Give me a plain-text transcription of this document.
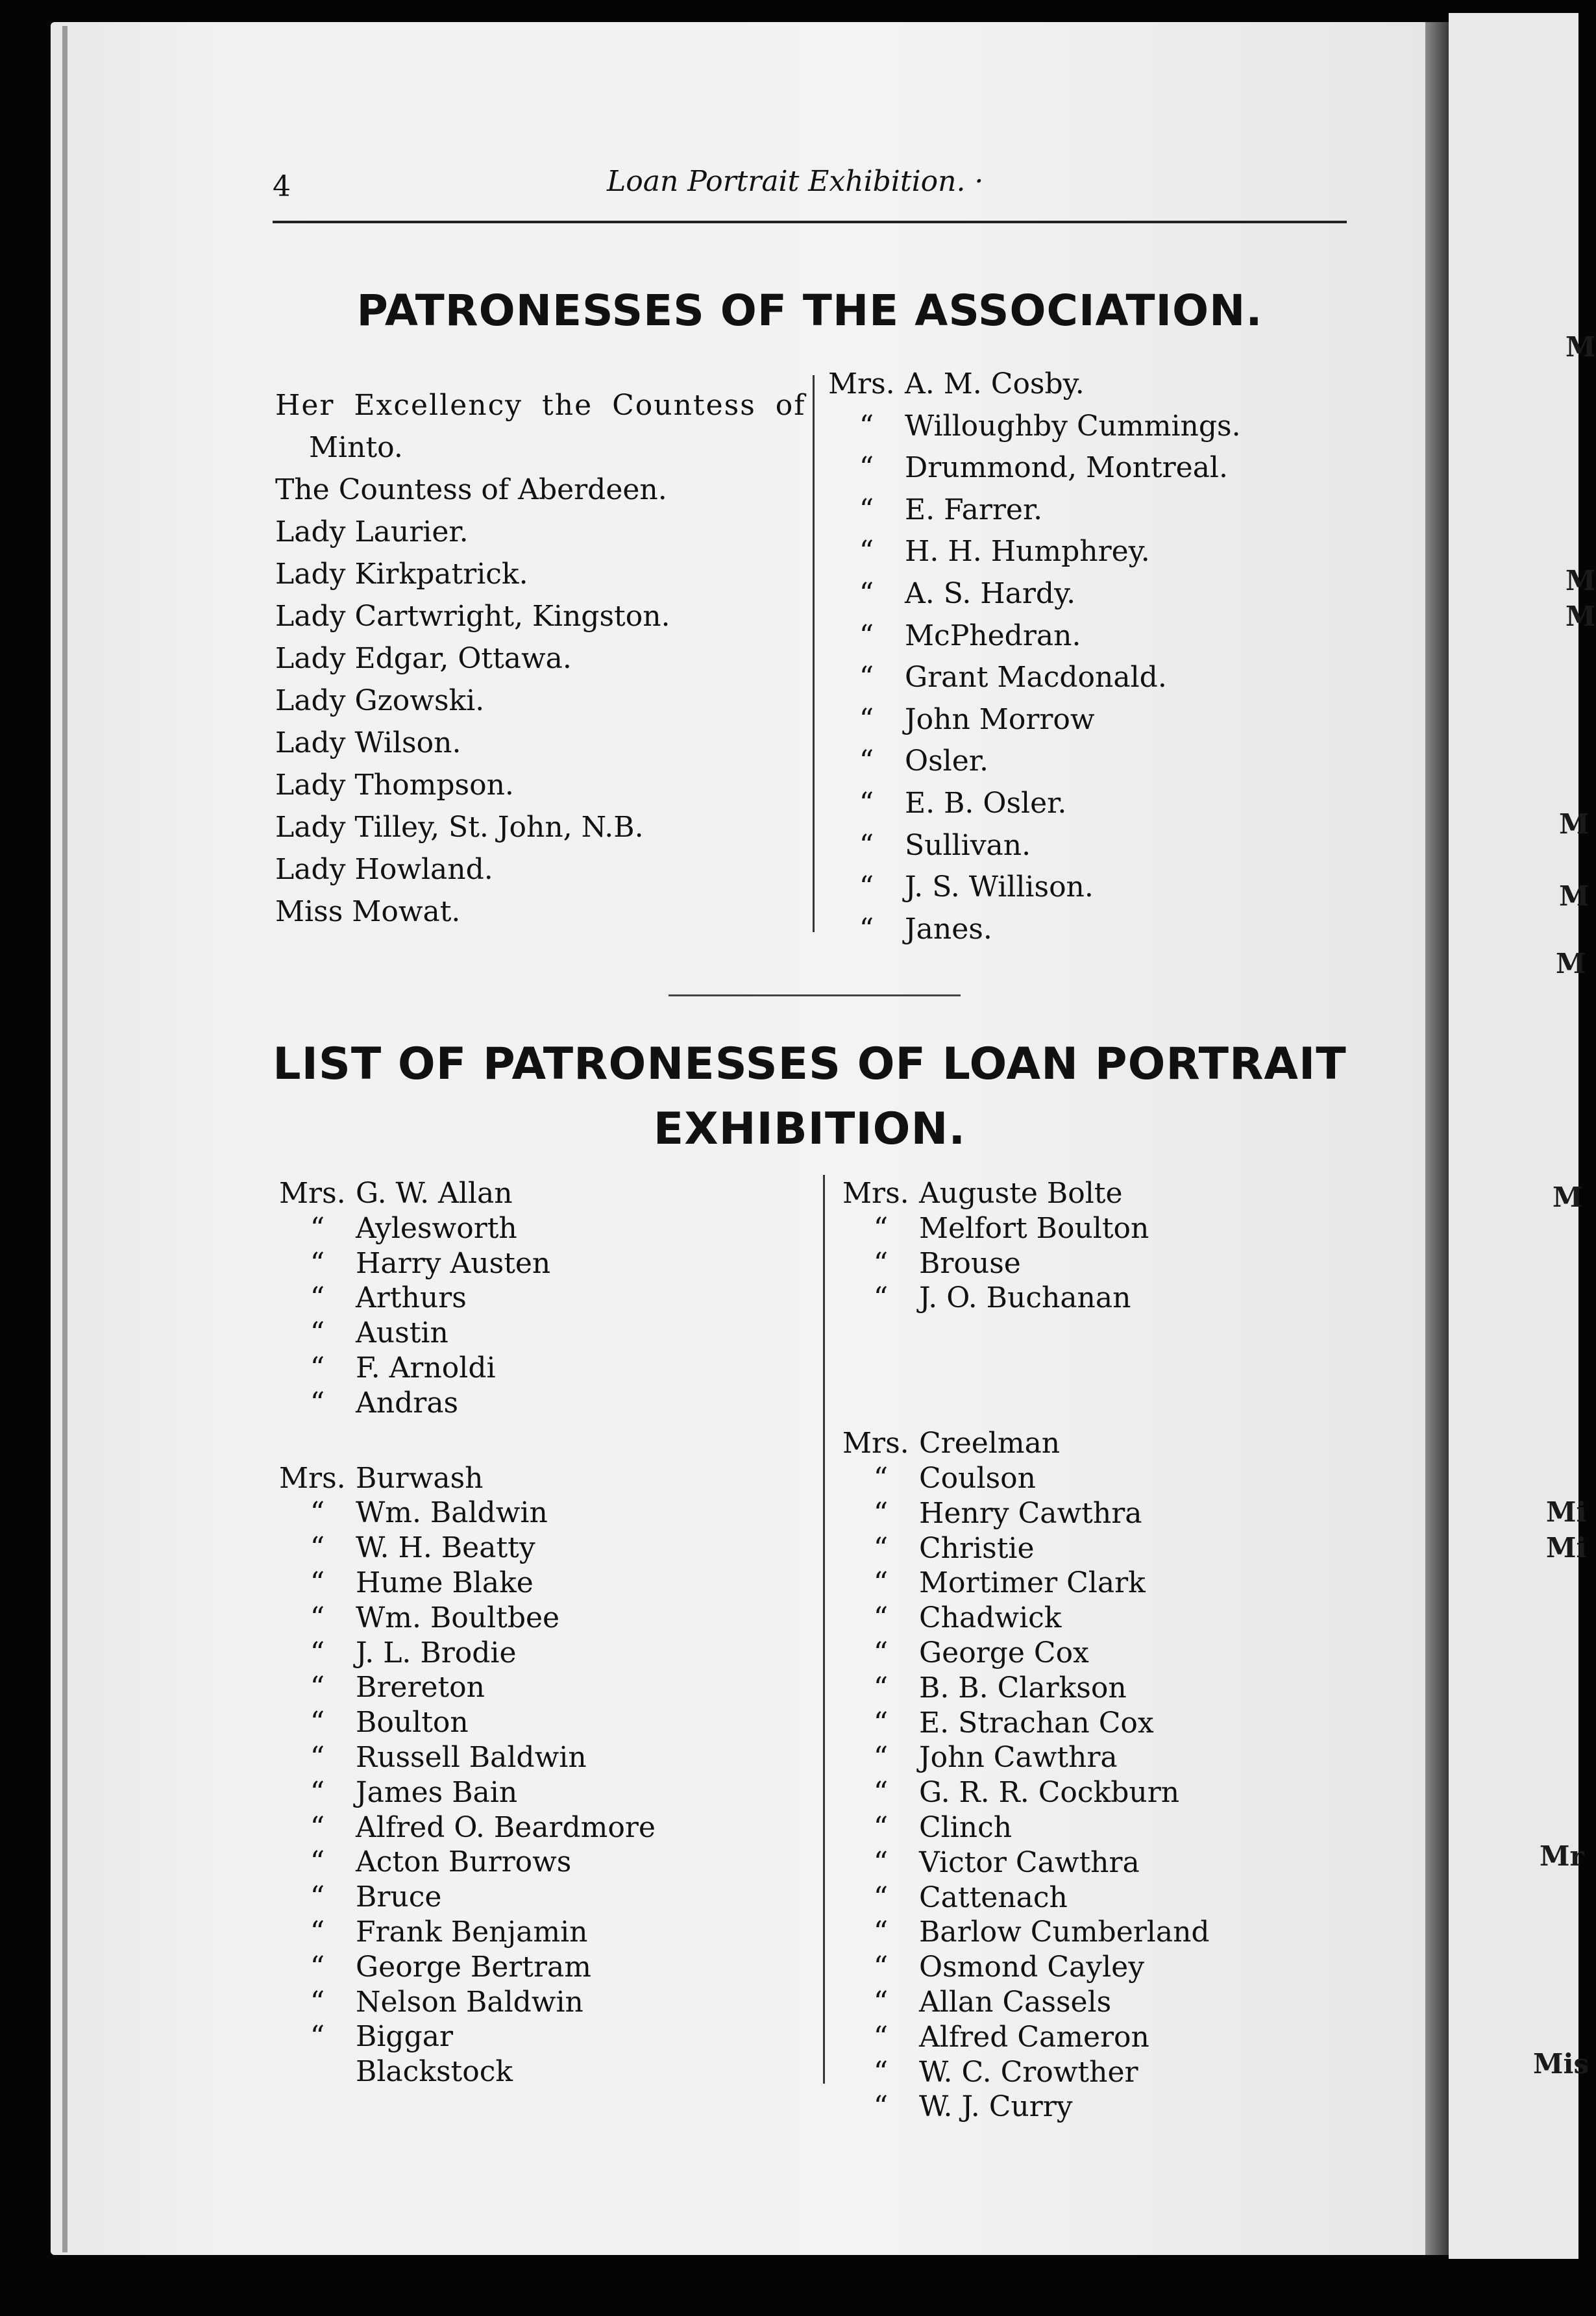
M
M
M
M
M
M
M
Mi
Mi
Mr
Mis
4	Loan Portrait Exhibition. ·
PATRONESSES OF THE ASSOCIATION.
Her Excellency the Countess of
Minto.
The Countess of Aberdeen.
Lady Laurier.
Lady Kirkpatrick.
Lady Cartwright, Kingston.
Lady Edgar, Ottawa.
Lady Gzowski.
Lady Wilson.
Lady Thompson.
Lady Tilley, St. John, N.B.
Lady Howland.
Miss Mowat.
Mrs. A. M. Cosby.
“ Willoughby Cummings.
“ Drummond, Montreal.
“ E. Farrer.
“ H. H. Humphrey.
“ A. S. Hardy.
“ McPhedran.
“ Grant Macdonald.
“ John Morrow
“ Osler.
“ E. B. Osler.
“ Sullivan.
“ J. S. Willison.
“ Janes.
LIST OF PATRONESSES OF LOAN PORTRAIT
EXHIBITION.
Mrs. G. W. Allan
“ Aylesworth
“ Harry Austen
“ Arthurs
“ Austin
“ F. Arnoldi
“ Andras
Mrs. Burwash
“ Wm. Baldwin
“ W. H. Beatty
“ Hume Blake
“ Wm. Boultbee
“ J. L. Brodie
“ Brereton
“ Boulton
“ Russell Baldwin
“ James Bain
“ Alfred O. Beardmore
“ Acton Burrows
“ Bruce
“ Frank Benjamin
“ George Bertram
“ Nelson Baldwin
“ Biggar
Blackstock
Mrs. Auguste Bolte
“ Melfort Boulton
“ Brouse
“ J. O. Buchanan
Mrs. Creelman
“ Coulson
“ Henry Cawthra
“ Christie
“ Mortimer Clark
“ Chadwick
“ George Cox
“ B. B. Clarkson
“ E. Strachan Cox
“ John Cawthra
“ G. R. R. Cockburn
“ Clinch
“ Victor Cawthra
“ Cattenach
“ Barlow Cumberland
“ Osmond Cayley
“ Allan Cassels
“ Alfred Cameron
“ W. C. Crowther
“ W. J. Curry
